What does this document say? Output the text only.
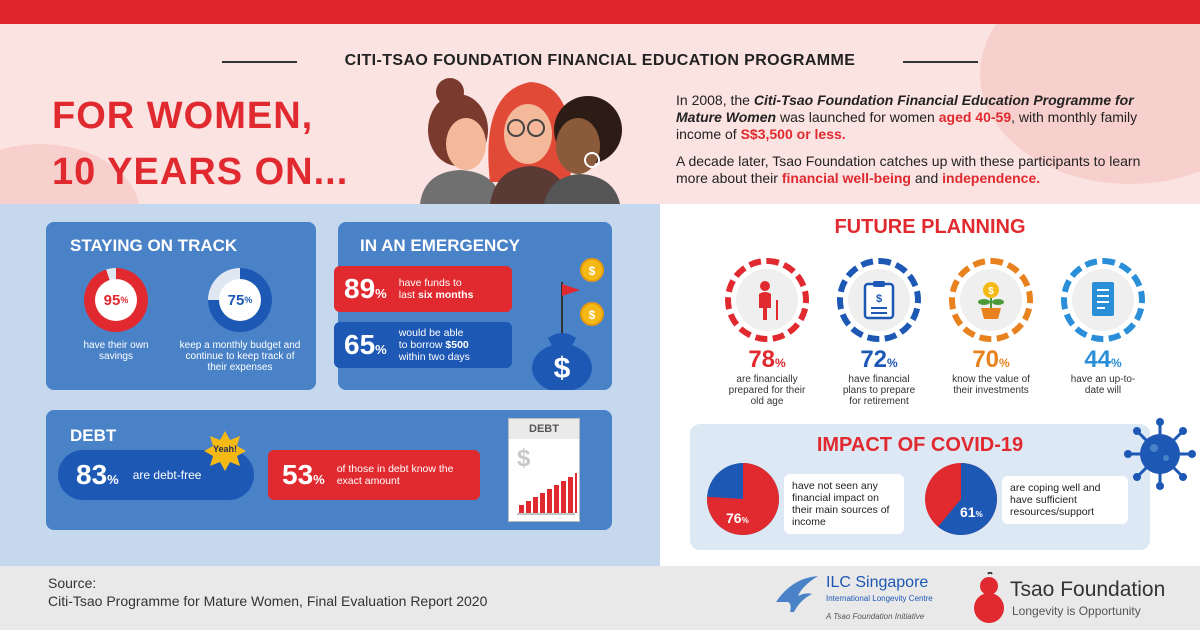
CITI-TSAO FOUNDATION FINANCIAL EDUCATION PROGRAMME
FOR WOMEN,
10 YEARS ON...

In 2008, the Citi-Tsao Foundation Financial Education Programme for Mature Women was launched for women aged 40-59, with monthly family income of S$3,500 or less.

A decade later, Tsao Foundation catches up with these participants to learn more about their financial well-being and independence.

STAYING ON TRACK
95 %
have their own savings
75 %
keep a monthly budget and continue to keep track of their expenses
IN AN EMERGENCY
89%
have funds to
last six months
65%
would be able
to borrow $500
within two days
$
$
$
DEBT
83% are debt-free
Yeah!
53%
of those in debt know the exact amount
DEBT
$
FUTURE PLANNING
78%
are financially prepared for their old age
$
72%
have financial plans to prepare for retirement
$
70%
know the value of their investments
44%
have an up-to-date will
IMPACT OF COVID-19
76%
have not seen any financial impact on their main sources of income
61%
are coping well and have sufficient resources/support
Source:
Citi-Tsao Programme for Mature Women, Final Evaluation Report 2020
ILC Singapore
International Longevity Centre
A Tsao Foundation Initiative
Tsao Foundation
Longevity is Opportunity
